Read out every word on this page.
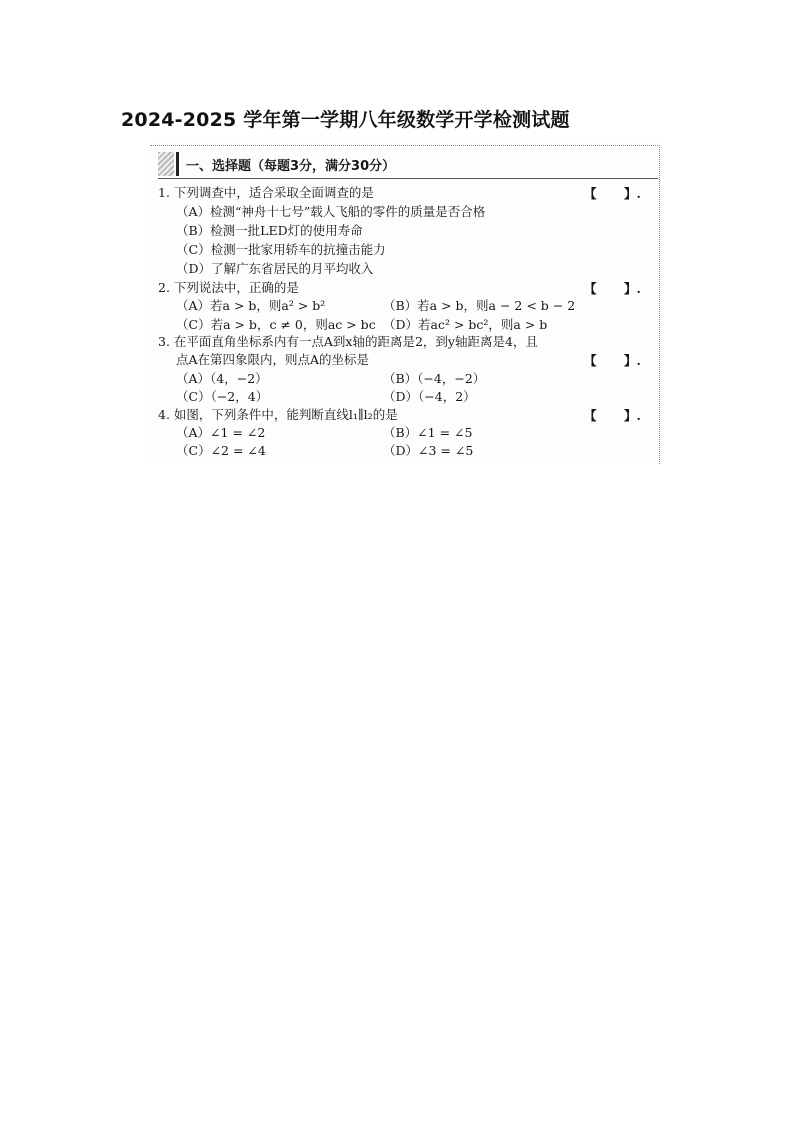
2024-2025 学年第一学期八年级数学开学检测试题
一、选择题（每题3分，满分30分）
1. 下列调查中，适合采取全面调查的是	【 】.
（A）检测“神舟十七号”载人飞船的零件的质量是否合格
（B）检测一批LED灯的使用寿命
（C）检测一批家用轿车的抗撞击能力
（D）了解广东省居民的月平均收入
2. 下列说法中，正确的是	【 】.
（A）若a > b，则a² > b²	（B）若a > b，则a − 2 < b − 2
（C）若a > b，c ≠ 0，则ac > bc （D）若ac² > bc²，则a > b
3. 在平面直角坐标系内有一点A到x轴的距离是2，到y轴距离是4，且
点A在第四象限内，则点A的坐标是	【 】.
（A）（4，−2）	（B）（−4，−2）
（C）（−2，4）	（D）（−4，2）
4. 如图，下列条件中，能判断直线l₁∥l₂的是	【 】.
（A）∠1 = ∠2	（B）∠1 = ∠5
（C）∠2 = ∠4	（D）∠3 = ∠5
